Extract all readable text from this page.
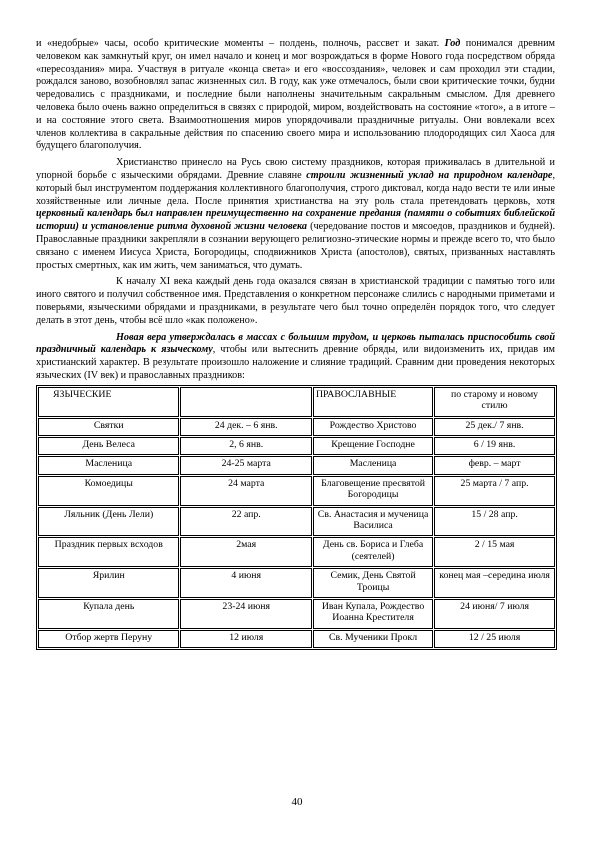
и «недобрые» часы, особо критические моменты – полдень, полночь, рассвет и закат. Год понимался древним человеком как замкнутый круг, он имел начало и конец и мог возрождаться в форме Нового года посредством обряда «пересоздания» мира. Участвуя в ритуале «конца света» и его «воссоздания», человек и сам проходил эти стадии, рождался заново, возобновлял запас жизненных сил. В году, как уже отмечалось, были свои критические точки, будни чередовались с праздниками, и последние были наполнены значительным сакральным смыслом. Для древнего человека было очень важно определиться в связях с природой, миром, воздействовать на состояние «того», а в итоге – и на состояние этого света. Взаимоотношения миров упорядочивали праздничные ритуалы. Они вовлекали всех членов коллектива в сакральные действия по спасению своего мира и использованию плодородящих сил Хаоса для будущего благополучия.

Христианство принесло на Русь свою систему праздников, которая приживалась в длительной и упорной борьбе с языческими обрядами. Древние славяне строили жизненный уклад на природном календаре, который был инструментом поддержания коллективного благополучия, строго диктовал, когда надо вести те или иные хозяйственные или личные дела. После принятия христианства на эту роль стала претендовать церковь, хотя церковный календарь был направлен преимущественно на сохранение предания (памяти о событиях библейской истории) и установление ритма духовной жизни человека (чередование постов и мясоедов, праздников и будней). Православные праздники закрепляли в сознании верующего религиозно-этические нормы и прежде всего то, что было связано с именем Иисуса Христа, Богородицы, сподвижников Христа (апостолов), святых, призванных наставлять простых смертных, как им жить, чем заниматься, что думать.

К началу XI века каждый день года оказался связан в христианской традиции с памятью того или иного святого и получил собственное имя. Представления о конкретном персонаже слились с народными приметами и поверьями, языческими обрядами и праздниками, в результате чего был точно определён порядок того, что следует делать в этот день, чтобы всё шло «как положено».

Новая вера утверждалась в массах с большим трудом, и церковь пыталась приспособить свой праздничный календарь к языческому, чтобы или вытеснить древние обряды, или видоизменить их, придав им христианский характер. В результате произошло наложение и слияние традиций. Сравним дни проведения некоторых языческих (IV век) и православных праздников:

ЯЗЫЧЕСКИЕ		ПРАВОСЛАВНЫЕ	по старому и новому стилю
Святки	24 дек. – 6 янв.	Рождество Христово	25 дек./ 7 янв.
День Велеса	2, 6 янв.	Крещение Господне	6 / 19 янв.
Масленица	24-25 марта	Масленица	февр. – март
Комоедицы	24 марта	Благовещение пресвятой Богородицы	25 марта / 7 апр.
Ляльник (День Лели)	22 апр.	Св. Анастасия и мученица Василиса	15 / 28 апр.
Праздник первых всходов	2мая	День св. Бориса и Глеба (сеятелей)	2 / 15 мая
Ярилин	4 июня	Семик, День Святой Троицы	конец мая –середина июля
Купала день	23-24 июня	Иван Купала, Рождество Иоанна Крестителя	24 июня/ 7 июля
Отбор жертв Перуну	12 июля	Св. Мученики Прокл	12 / 25 июля
40
